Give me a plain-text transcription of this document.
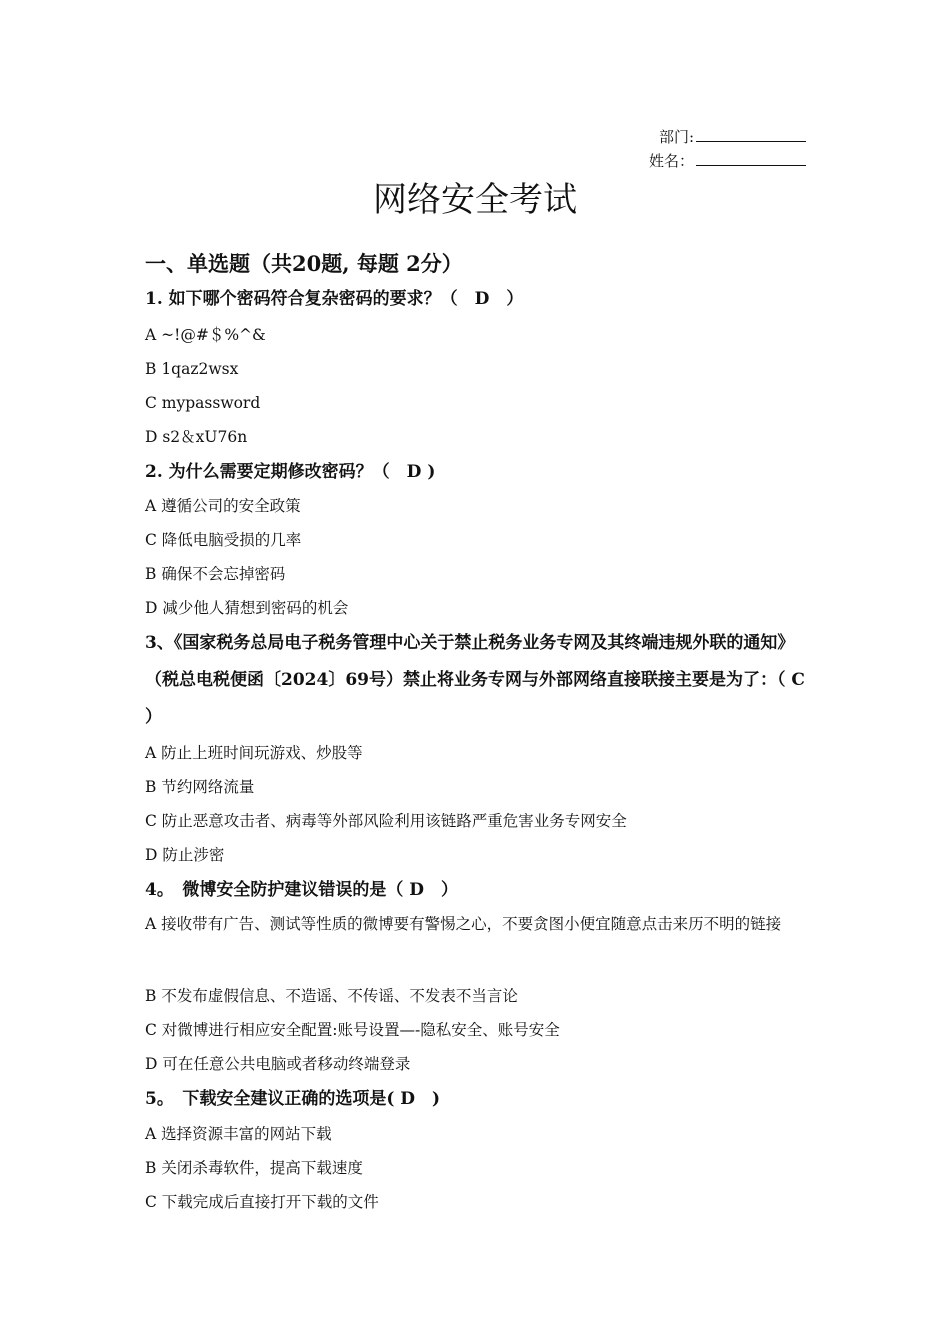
部门:
姓名：
网络安全考试
一、单选题（共20题, 每题 2分）
1. 如下哪个密码符合复杂密码的要求？（　D　）
A ~!@#＄%^&
B 1qaz2wsx
C mypassword
D s2＆xU76n
2. 为什么需要定期修改密码？（　D )
A 遵循公司的安全政策
C 降低电脑受损的几率
B 确保不会忘掉密码
D 减少他人猜想到密码的机会
3、《国家税务总局电子税务管理中心关于禁止税务业务专网及其终端违规外联的通知》（税总电税便函〔2024〕69号）禁止将业务专网与外部网络直接联接主要是为了：（ C ）
A 防止上班时间玩游戏、炒股等
B 节约网络流量
C 防止恶意攻击者、病毒等外部风险利用该链路严重危害业务专网安全
D 防止涉密
4。　微博安全防护建议错误的是（ D　）
A 接收带有广告、测试等性质的微博要有警惕之心，不要贪图小便宜随意点击来历不明的链接
B 不发布虚假信息、不造谣、不传谣、不发表不当言论
C 对微博进行相应安全配置:账号设置—-隐私安全、账号安全
D 可在任意公共电脑或者移动终端登录
5。　下载安全建议正确的选项是( D　)
A 选择资源丰富的网站下载
B 关闭杀毒软件，提高下载速度
C 下载完成后直接打开下载的文件
